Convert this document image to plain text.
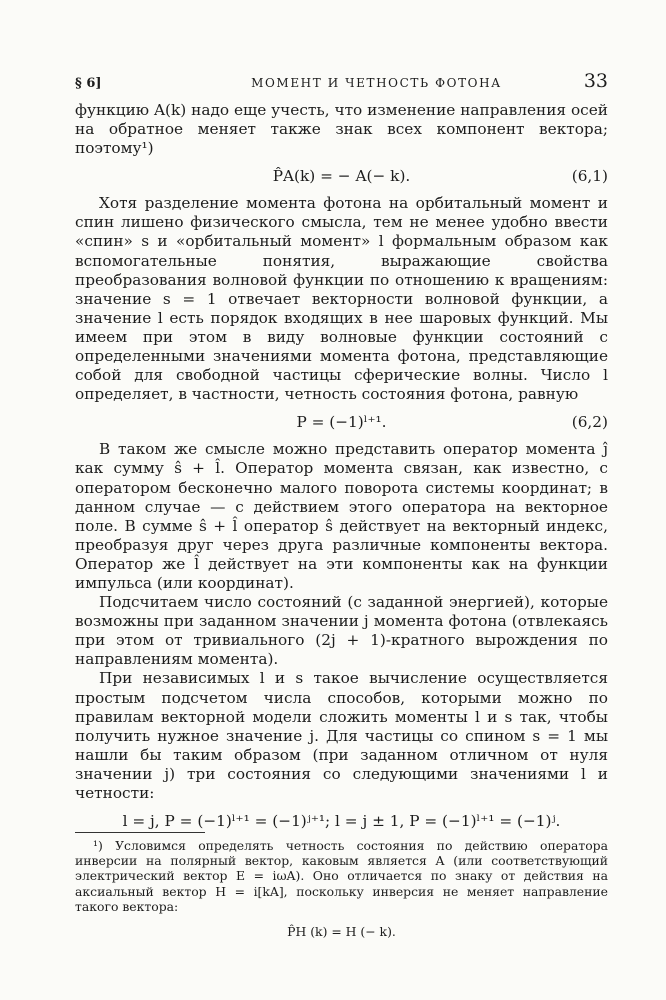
§ 6]	МОМЕНТ И ЧЕТНОСТЬ ФОТОНА	33

функцию A(k) надо еще учесть, что изменение направления осей на обратное меняет также знак всех компонент вектора; поэтому¹)

P̂A(k) = − A(− k).	(6,1)

Хотя разделение момента фотона на орбитальный момент и спин лишено физического смысла, тем не менее удобно ввести «спин» s и «орбитальный момент» l формальным образом как вспомогательные понятия, выражающие свойства преобразования волновой функции по отношению к вращениям: значение s = 1 отвечает векторности волновой функции, а значение l есть порядок входящих в нее шаровых функций. Мы имеем при этом в виду волновые функции состояний с определенными значениями момента фотона, представляющие собой для свободной частицы сферические волны. Число l определяет, в частности, четность состояния фотона, равную

P = (−1)ˡ⁺¹.	(6,2)

В таком же смысле можно представить оператор момента ĵ как сумму ŝ + l̂. Оператор момента связан, как известно, с оператором бесконечно малого поворота системы координат; в данном случае — с действием этого оператора на векторное поле. В сумме ŝ + l̂ оператор ŝ действует на векторный индекс, преобразуя друг через друга различные компоненты вектора. Оператор же l̂ действует на эти компоненты как на функции импульса (или координат).

Подсчитаем число состояний (с заданной энергией), которые возможны при заданном значении j момента фотона (отвлекаясь при этом от тривиального (2j + 1)-кратного вырождения по направлениям момента).

При независимых l и s такое вычисление осуществляется простым подсчетом числа способов, которыми можно по правилам векторной модели сложить моменты l и s так, чтобы получить нужное значение j. Для частицы со спином s = 1 мы нашли бы таким образом (при заданном отличном от нуля значении j) три состояния со следующими значениями l и четности:

l = j, P = (−1)ˡ⁺¹ = (−1)ʲ⁺¹; l = j ± 1, P = (−1)ˡ⁺¹ = (−1)ʲ.

¹) Условимся определять четность состояния по действию оператора инверсии на полярный вектор, каковым является A (или соответствующий электрический вектор E = iωA). Оно отличается по знаку от действия на аксиальный вектор H = i[kA], поскольку инверсия не меняет направление такого вектора:

P̂H (k) = H (− k).
